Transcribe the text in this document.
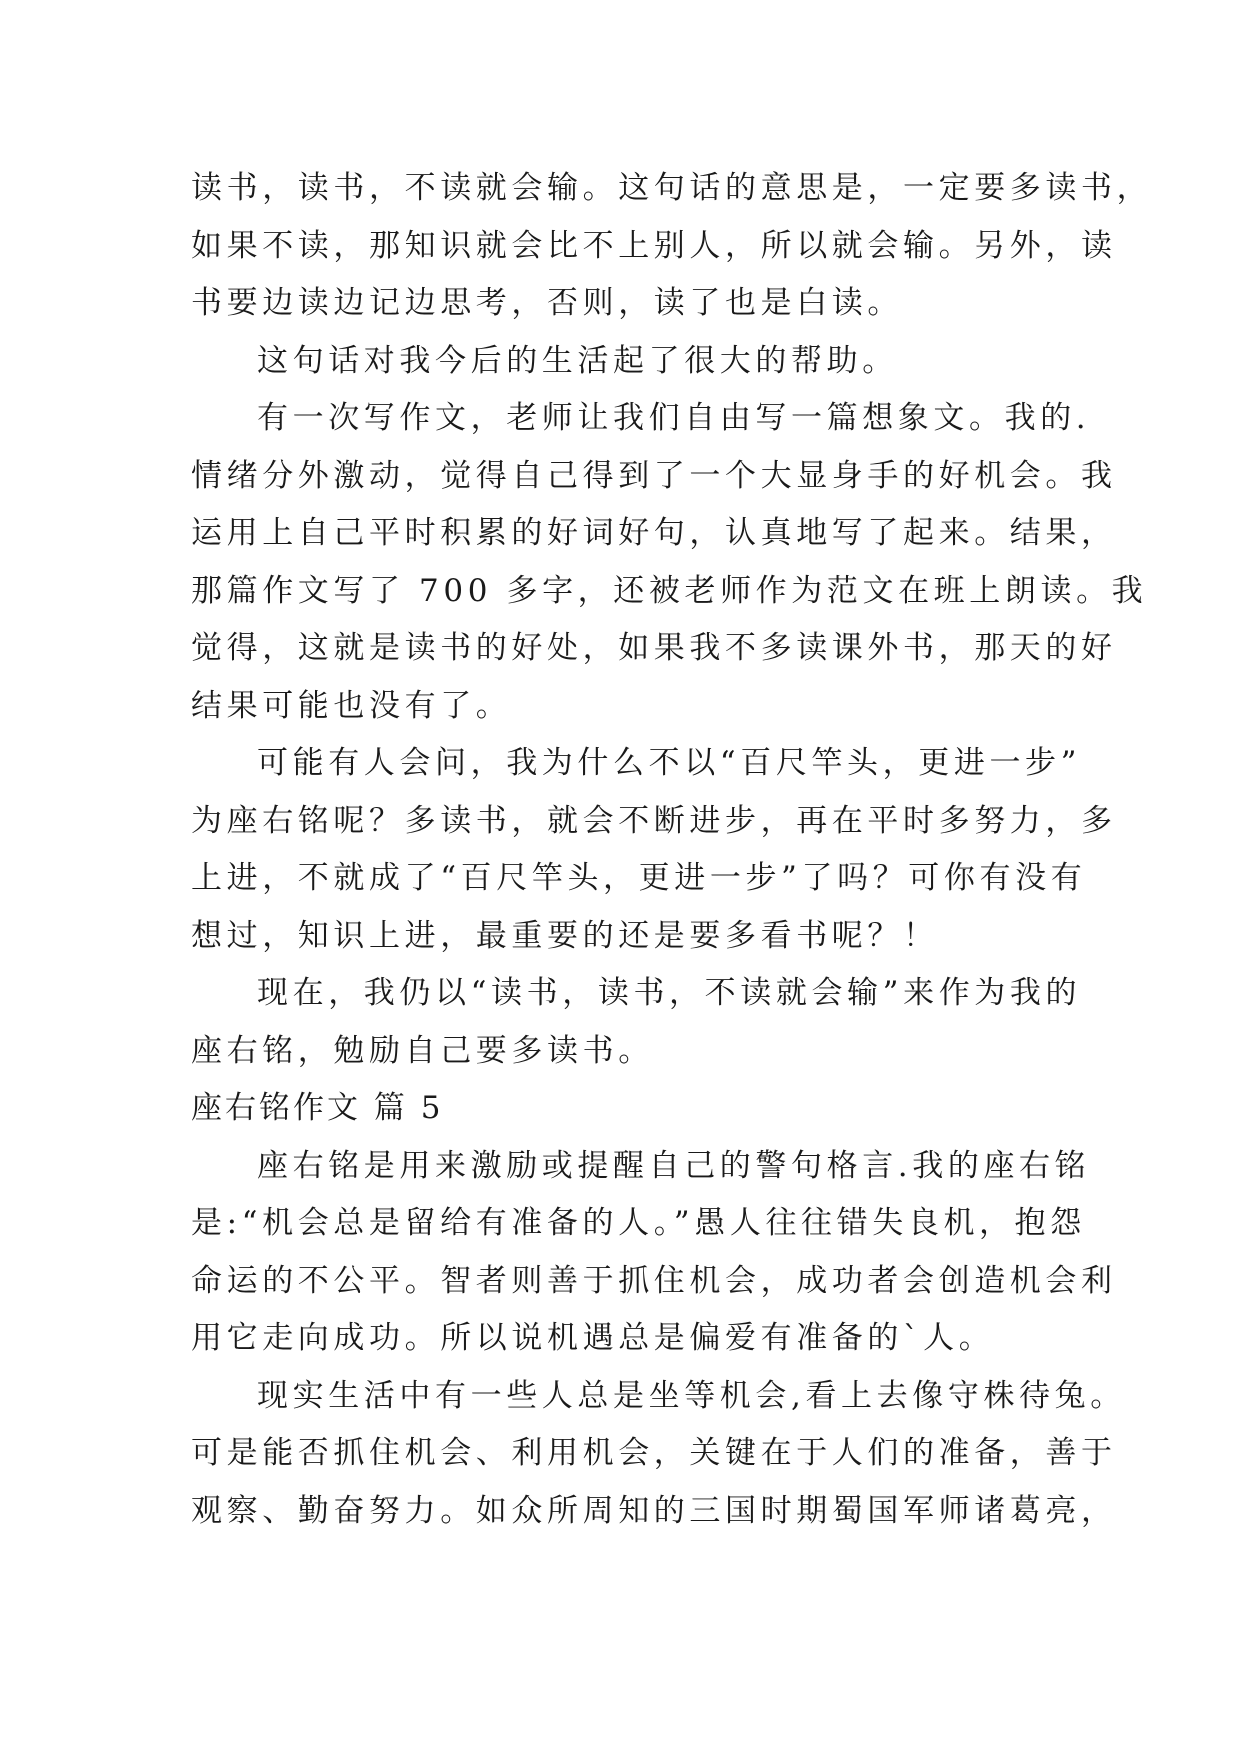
读书，读书，不读就会输。这句话的意思是，一定要多读书，
如果不读，那知识就会比不上别人，所以就会输。另外，读
书要边读边记边思考，否则，读了也是白读。
这句话对我今后的生活起了很大的帮助。
有一次写作文，老师让我们自由写一篇想象文。我的.
情绪分外激动，觉得自己得到了一个大显身手的好机会。我
运用上自己平时积累的好词好句，认真地写了起来。结果，
那篇作文写了 700 多字，还被老师作为范文在班上朗读。我
觉得，这就是读书的好处，如果我不多读课外书，那天的好
结果可能也没有了。
可能有人会问，我为什么不以“百尺竿头，更进一步”
为座右铭呢？多读书，就会不断进步，再在平时多努力，多
上进，不就成了“百尺竿头，更进一步”了吗？可你有没有
想过，知识上进，最重要的还是要多看书呢？！
现在，我仍以“读书，读书，不读就会输”来作为我的
座右铭，勉励自己要多读书。
座右铭作文 篇 5
座右铭是用来激励或提醒自己的警句格言.我的座右铭
是:“机会总是留给有准备的人。”愚人往往错失良机，抱怨
命运的不公平。智者则善于抓住机会，成功者会创造机会利
用它走向成功。所以说机遇总是偏爱有准备的`人。
现实生活中有一些人总是坐等机会,看上去像守株待兔。
可是能否抓住机会、利用机会，关键在于人们的准备，善于
观察、勤奋努力。如众所周知的三国时期蜀国军师诸葛亮，
